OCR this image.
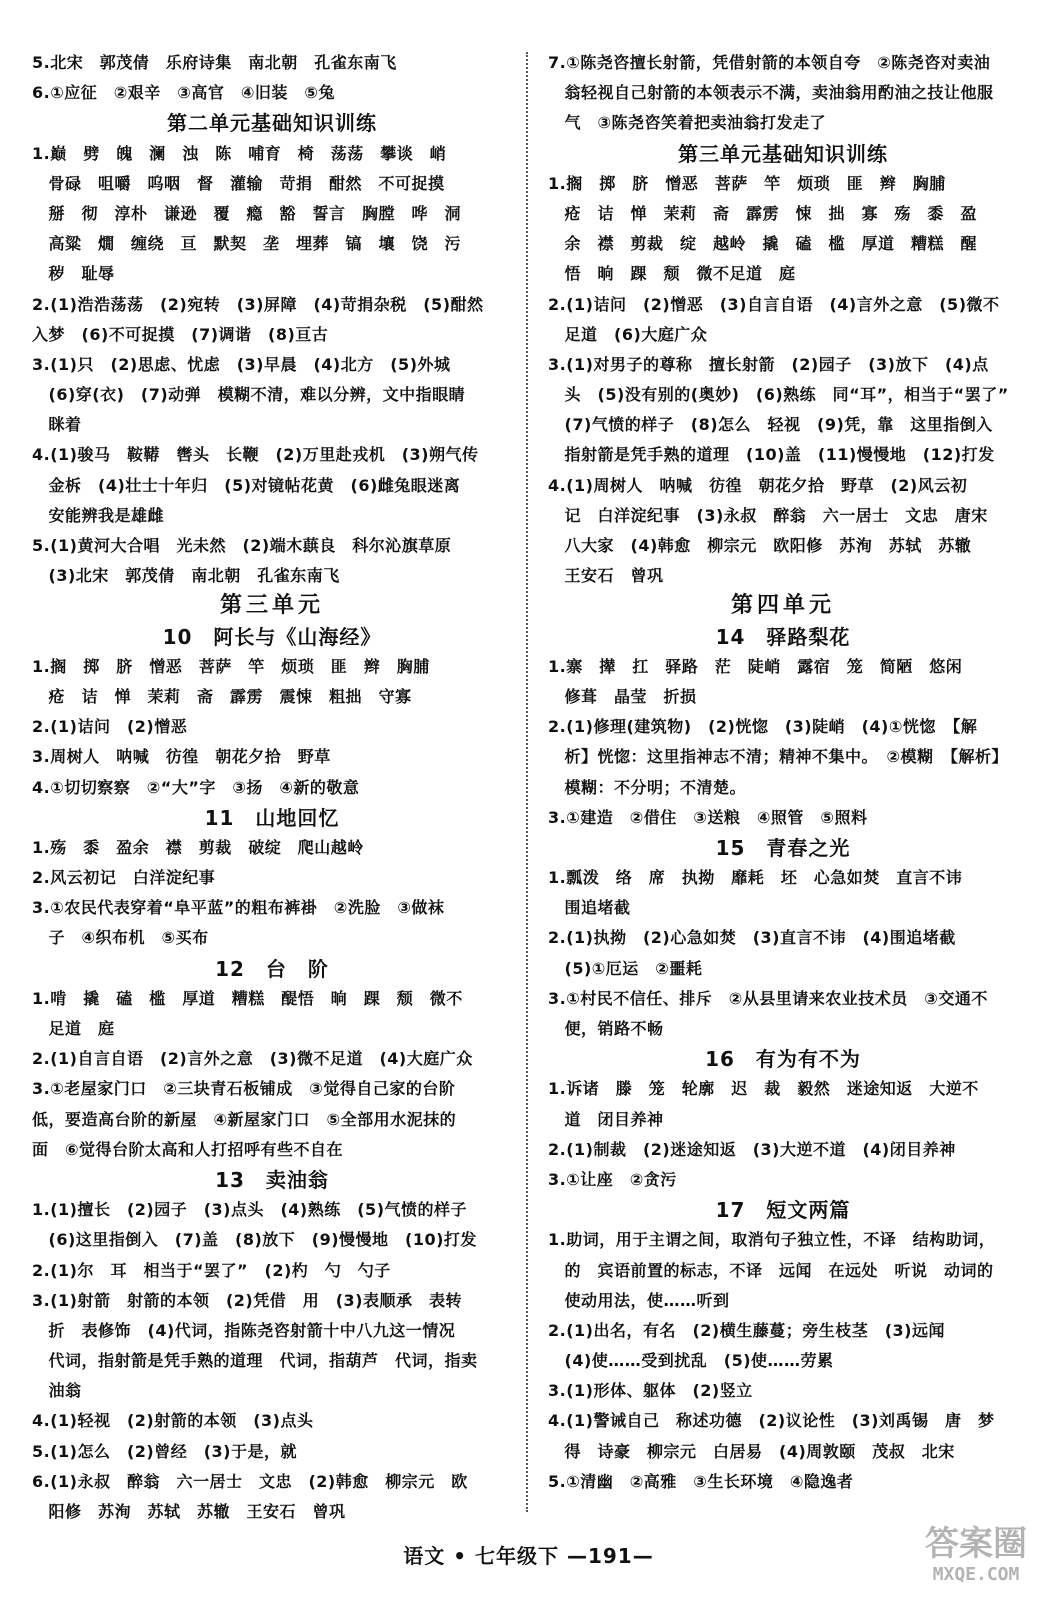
5.北宋　郭茂倩　乐府诗集　南北朝　孔雀东南飞
6.①应征　②艰辛　③高官　④旧装　⑤兔
第二单元基础知识训练
1.巅　劈　魄　澜　浊　陈　哺育　椅　荡荡　攀谈　峭
　骨碌　咀嚼　呜咽　督　灌输　苛捐　酣然　不可捉摸
　掰　彻　淳朴　谦逊　覆　瘾　豁　誓言　胸膛　哗　洞
　高粱　燗　缠绕　亘　默契　垄　埋葬　镐　壤　饶　污
　秽　耻辱
2.(1)浩浩荡荡　(2)宛转　(3)屏障　(4)苛捐杂税　(5)酣然
入梦　(6)不可捉摸　(7)调谐　(8)亘古
3.(1)只　(2)思虑、忧虑　(3)早晨　(4)北方　(5)外城
　(6)穿(衣)　(7)动弹　模糊不清，难以分辨，文中指眼睛
　眯着
4.(1)骏马　鞍鞯　辔头　长鞭　(2)万里赴戎机　(3)朔气传
　金柝　(4)壮士十年归　(5)对镜帖花黄　(6)雌兔眼迷离
　安能辨我是雄雌
5.(1)黄河大合唱　光未然　(2)端木蕻良　科尔沁旗草原
　(3)北宋　郭茂倩　南北朝　孔雀东南飞
第三单元
10　阿长与《山海经》
1.搁　掷　脐　憎恶　菩萨　竿　烦琐　匪　辫　胸脯
　疮　诘　惮　茉莉　斋　霹雳　震悚　粗拙　守寡
2.(1)诘问　(2)憎恶
3.周树人　呐喊　彷徨　朝花夕拾　野草
4.①切切察察　②“大”字　③扬　④新的敬意
11　山地回忆
1.殇　黍　盈余　襟　剪裁　破绽　爬山越岭
2.风云初记　白洋淀纪事
3.①农民代表穿着“阜平蓝”的粗布裤褂　②洗脸　③做袜
　子　④织布机　⑤买布
12　台　阶
1.啃　撬　磕　槛　厚道　糟糕　醍悟　晌　踝　颓　微不
　足道　庭
2.(1)自言自语　(2)言外之意　(3)微不足道　(4)大庭广众
3.①老屋家门口　②三块青石板铺成　③觉得自己家的台阶
低，要造高台阶的新屋　④新屋家门口　⑤全部用水泥抹的
面　⑥觉得台阶太高和人打招呼有些不自在
13　卖油翁
1.(1)擅长　(2)园子　(3)点头　(4)熟练　(5)气愤的样子
　(6)这里指倒入　(7)盖　(8)放下　(9)慢慢地　(10)打发
2.(1)尔　耳　相当于“罢了”　(2)杓　勺　勺子
3.(1)射箭　射箭的本领　(2)凭借　用　(3)表顺承　表转
　折　表修饰　(4)代词，指陈尧咨射箭十中八九这一情况
　代词，指射箭是凭手熟的道理　代词，指葫芦　代词，指卖
　油翁
4.(1)轻视　(2)射箭的本领　(3)点头
5.(1)怎么　(2)曾经　(3)于是，就
6.(1)永叔　醉翁　六一居士　文忠　(2)韩愈　柳宗元　欧
　阳修　苏洵　苏轼　苏辙　王安石　曾巩
7.①陈尧咨擅长射箭，凭借射箭的本领自夸　②陈尧咨对卖油
　翁轻视自己射箭的本领表示不满，卖油翁用酌油之技让他服
　气　③陈尧咨笑着把卖油翁打发走了
第三单元基础知识训练
1.搁　掷　脐　憎恶　菩萨　竿　烦琐　匪　辫　胸脯
　疮　诘　惮　茉莉　斋　霹雳　悚　拙　寡　殇　黍　盈
　余　襟　剪裁　绽　越岭　撬　磕　槛　厚道　糟糕　醒
　悟　晌　踝　颓　微不足道　庭
2.(1)诘问　(2)憎恶　(3)自言自语　(4)言外之意　(5)微不
　足道　(6)大庭广众
3.(1)对男子的尊称　擅长射箭　(2)园子　(3)放下　(4)点
　头　(5)没有别的(奥妙)　(6)熟练　同“耳”，相当于“罢了”
　(7)气愤的样子　(8)怎么　轻视　(9)凭，靠　这里指倒入
　指射箭是凭手熟的道理　(10)盖　(11)慢慢地　(12)打发
4.(1)周树人　呐喊　彷徨　朝花夕拾　野草　(2)风云初
　记　白洋淀纪事　(3)永叔　醉翁　六一居士　文忠　唐宋
　八大家　(4)韩愈　柳宗元　欧阳修　苏洵　苏轼　苏辙
　王安石　曾巩
第四单元
14　驿路梨花
1.寨　撵　扛　驿路　茫　陡峭　露宿　笼　简陋　悠闲
　修葺　晶莹　折损
2.(1)修理(建筑物)　(2)恍惚　(3)陡峭　(4)①恍惚　【解
　析】恍惚：这里指神志不清；精神不集中。　②模糊　【解析】
　模糊：不分明；不清楚。
3.①建造　②借住　③送粮　④照管　⑤照料
15　青春之光
1.瓢泼　络　席　执拗　靡耗　坯　心急如焚　直言不讳
　围追堵截
2.(1)执拗　(2)心急如焚　(3)直言不讳　(4)围追堵截
　(5)①厄运　②噩耗
3.①村民不信任、排斥　②从县里请来农业技术员　③交通不
　便，销路不畅
16　有为有不为
1.诉诸　滕　笼　轮廓　迟　裁　毅然　迷途知返　大逆不
　道　闭目养神
2.(1)制裁　(2)迷途知返　(3)大逆不道　(4)闭目养神
3.①让座　②贪污
17　短文两篇
1.助词，用于主谓之间，取消句子独立性，不译　结构助词，
　的　宾语前置的标志，不译　远闻　在远处　听说　动词的
　使动用法，使……听到
2.(1)出名，有名　(2)横生藤蔓；旁生枝茎　(3)远闻
　(4)使……受到扰乱　(5)使……劳累
3.(1)形体、躯体　(2)竖立
4.(1)警诫自己　称述功德　(2)议论性　(3)刘禹锡　唐　梦
　得　诗豪　柳宗元　白居易　(4)周敦颐　茂叔　北宋
5.①清幽　②高雅　③生长环境　④隐逸者
语文 • 七年级下 —191—	答案圈
MXQE.COM
